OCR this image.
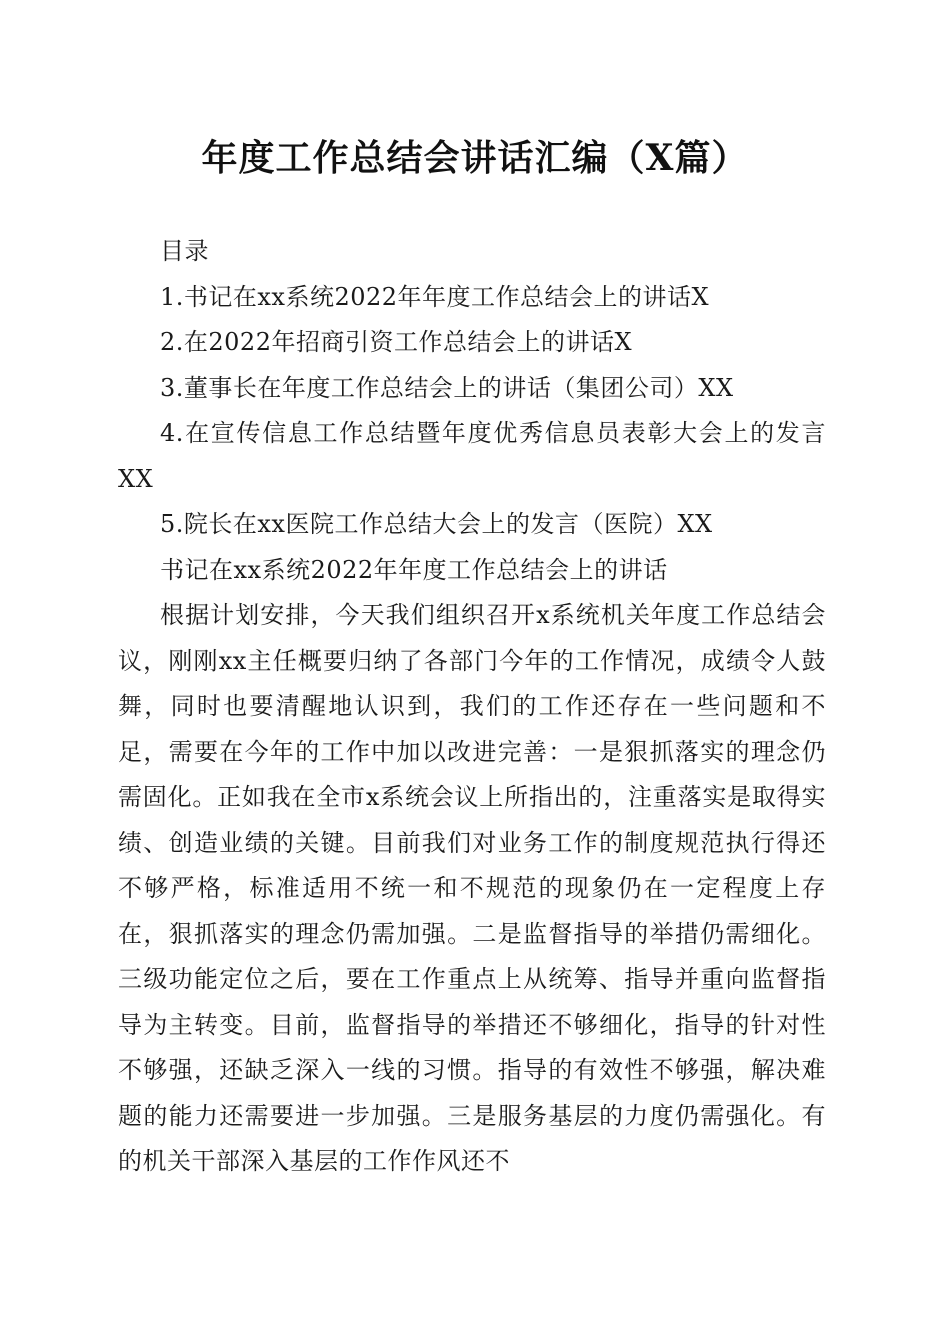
年度工作总结会讲话汇编（X篇）

目录

1.书记在xx系统2022年年度工作总结会上的讲话X

2.在2022年招商引资工作总结会上的讲话X

3.董事长在年度工作总结会上的讲话（集团公司）XX

4.在宣传信息工作总结暨年度优秀信息员表彰大会上的发言XX

5.院长在xx医院工作总结大会上的发言（医院）XX

书记在xx系统2022年年度工作总结会上的讲话

根据计划安排，今天我们组织召开x系统机关年度工作总结会议，刚刚xx主任概要归纳了各部门今年的工作情况，成绩令人鼓舞，同时也要清醒地认识到，我们的工作还存在一些问题和不足，需要在今年的工作中加以改进完善：一是狠抓落实的理念仍需固化。正如我在全市x系统会议上所指出的，注重落实是取得实绩、创造业绩的关键。目前我们对业务工作的制度规范执行得还不够严格，标准适用不统一和不规范的现象仍在一定程度上存在，狠抓落实的理念仍需加强。二是监督指导的举措仍需细化。三级功能定位之后，要在工作重点上从统筹、指导并重向监督指导为主转变。目前，监督指导的举措还不够细化，指导的针对性不够强，还缺乏深入一线的习惯。指导的有效性不够强，解决难题的能力还需要进一步加强。三是服务基层的力度仍需强化。有的机关干部深入基层的工作作风还不
